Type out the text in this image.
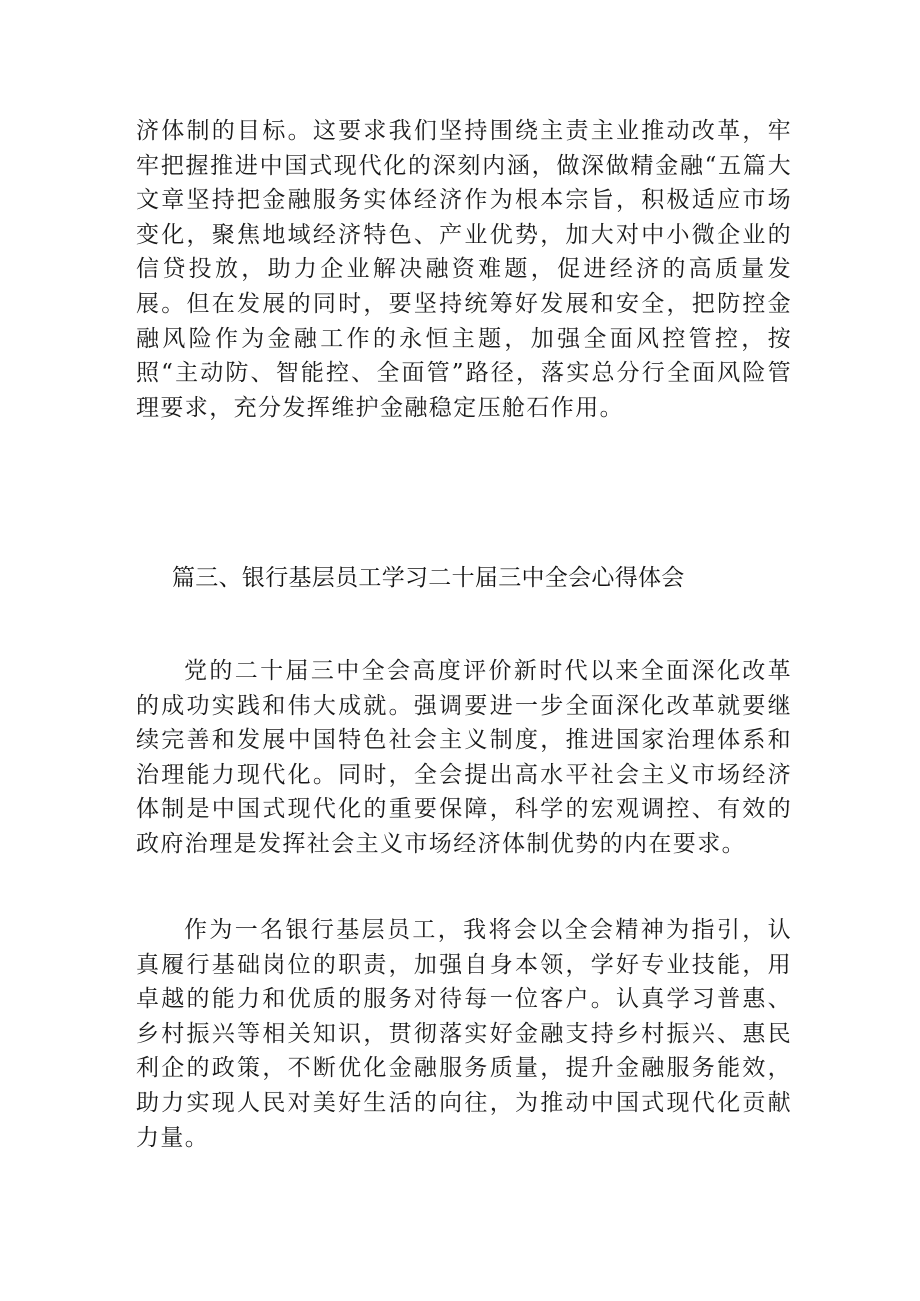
济体制的目标。这要求我们坚持围绕主责主业推动改革，牢牢把握推进中国式现代化的深刻内涵，做深做精金融“五篇大文章坚持把金融服务实体经济作为根本宗旨，积极适应市场变化，聚焦地域经济特色、产业优势，加大对中小微企业的信贷投放，助力企业解决融资难题，促进经济的高质量发展。但在发展的同时，要坚持统筹好发展和安全，把防控金融风险作为金融工作的永恒主题，加强全面风控管控，按照“主动防、智能控、全面管”路径，落实总分行全面风险管理要求，充分发挥维护金融稳定压舱石作用。

篇三、银行基层员工学习二十届三中全会心得体会

党的二十届三中全会高度评价新时代以来全面深化改革的成功实践和伟大成就。强调要进一步全面深化改革就要继续完善和发展中国特色社会主义制度，推进国家治理体系和治理能力现代化。同时，全会提出高水平社会主义市场经济体制是中国式现代化的重要保障，科学的宏观调控、有效的政府治理是发挥社会主义市场经济体制优势的内在要求。

作为一名银行基层员工，我将会以全会精神为指引，认真履行基础岗位的职责，加强自身本领，学好专业技能，用卓越的能力和优质的服务对待每一位客户。认真学习普惠、乡村振兴等相关知识，贯彻落实好金融支持乡村振兴、惠民利企的政策，不断优化金融服务质量，提升金融服务能效，助力实现人民对美好生活的向往，为推动中国式现代化贡献力量。
